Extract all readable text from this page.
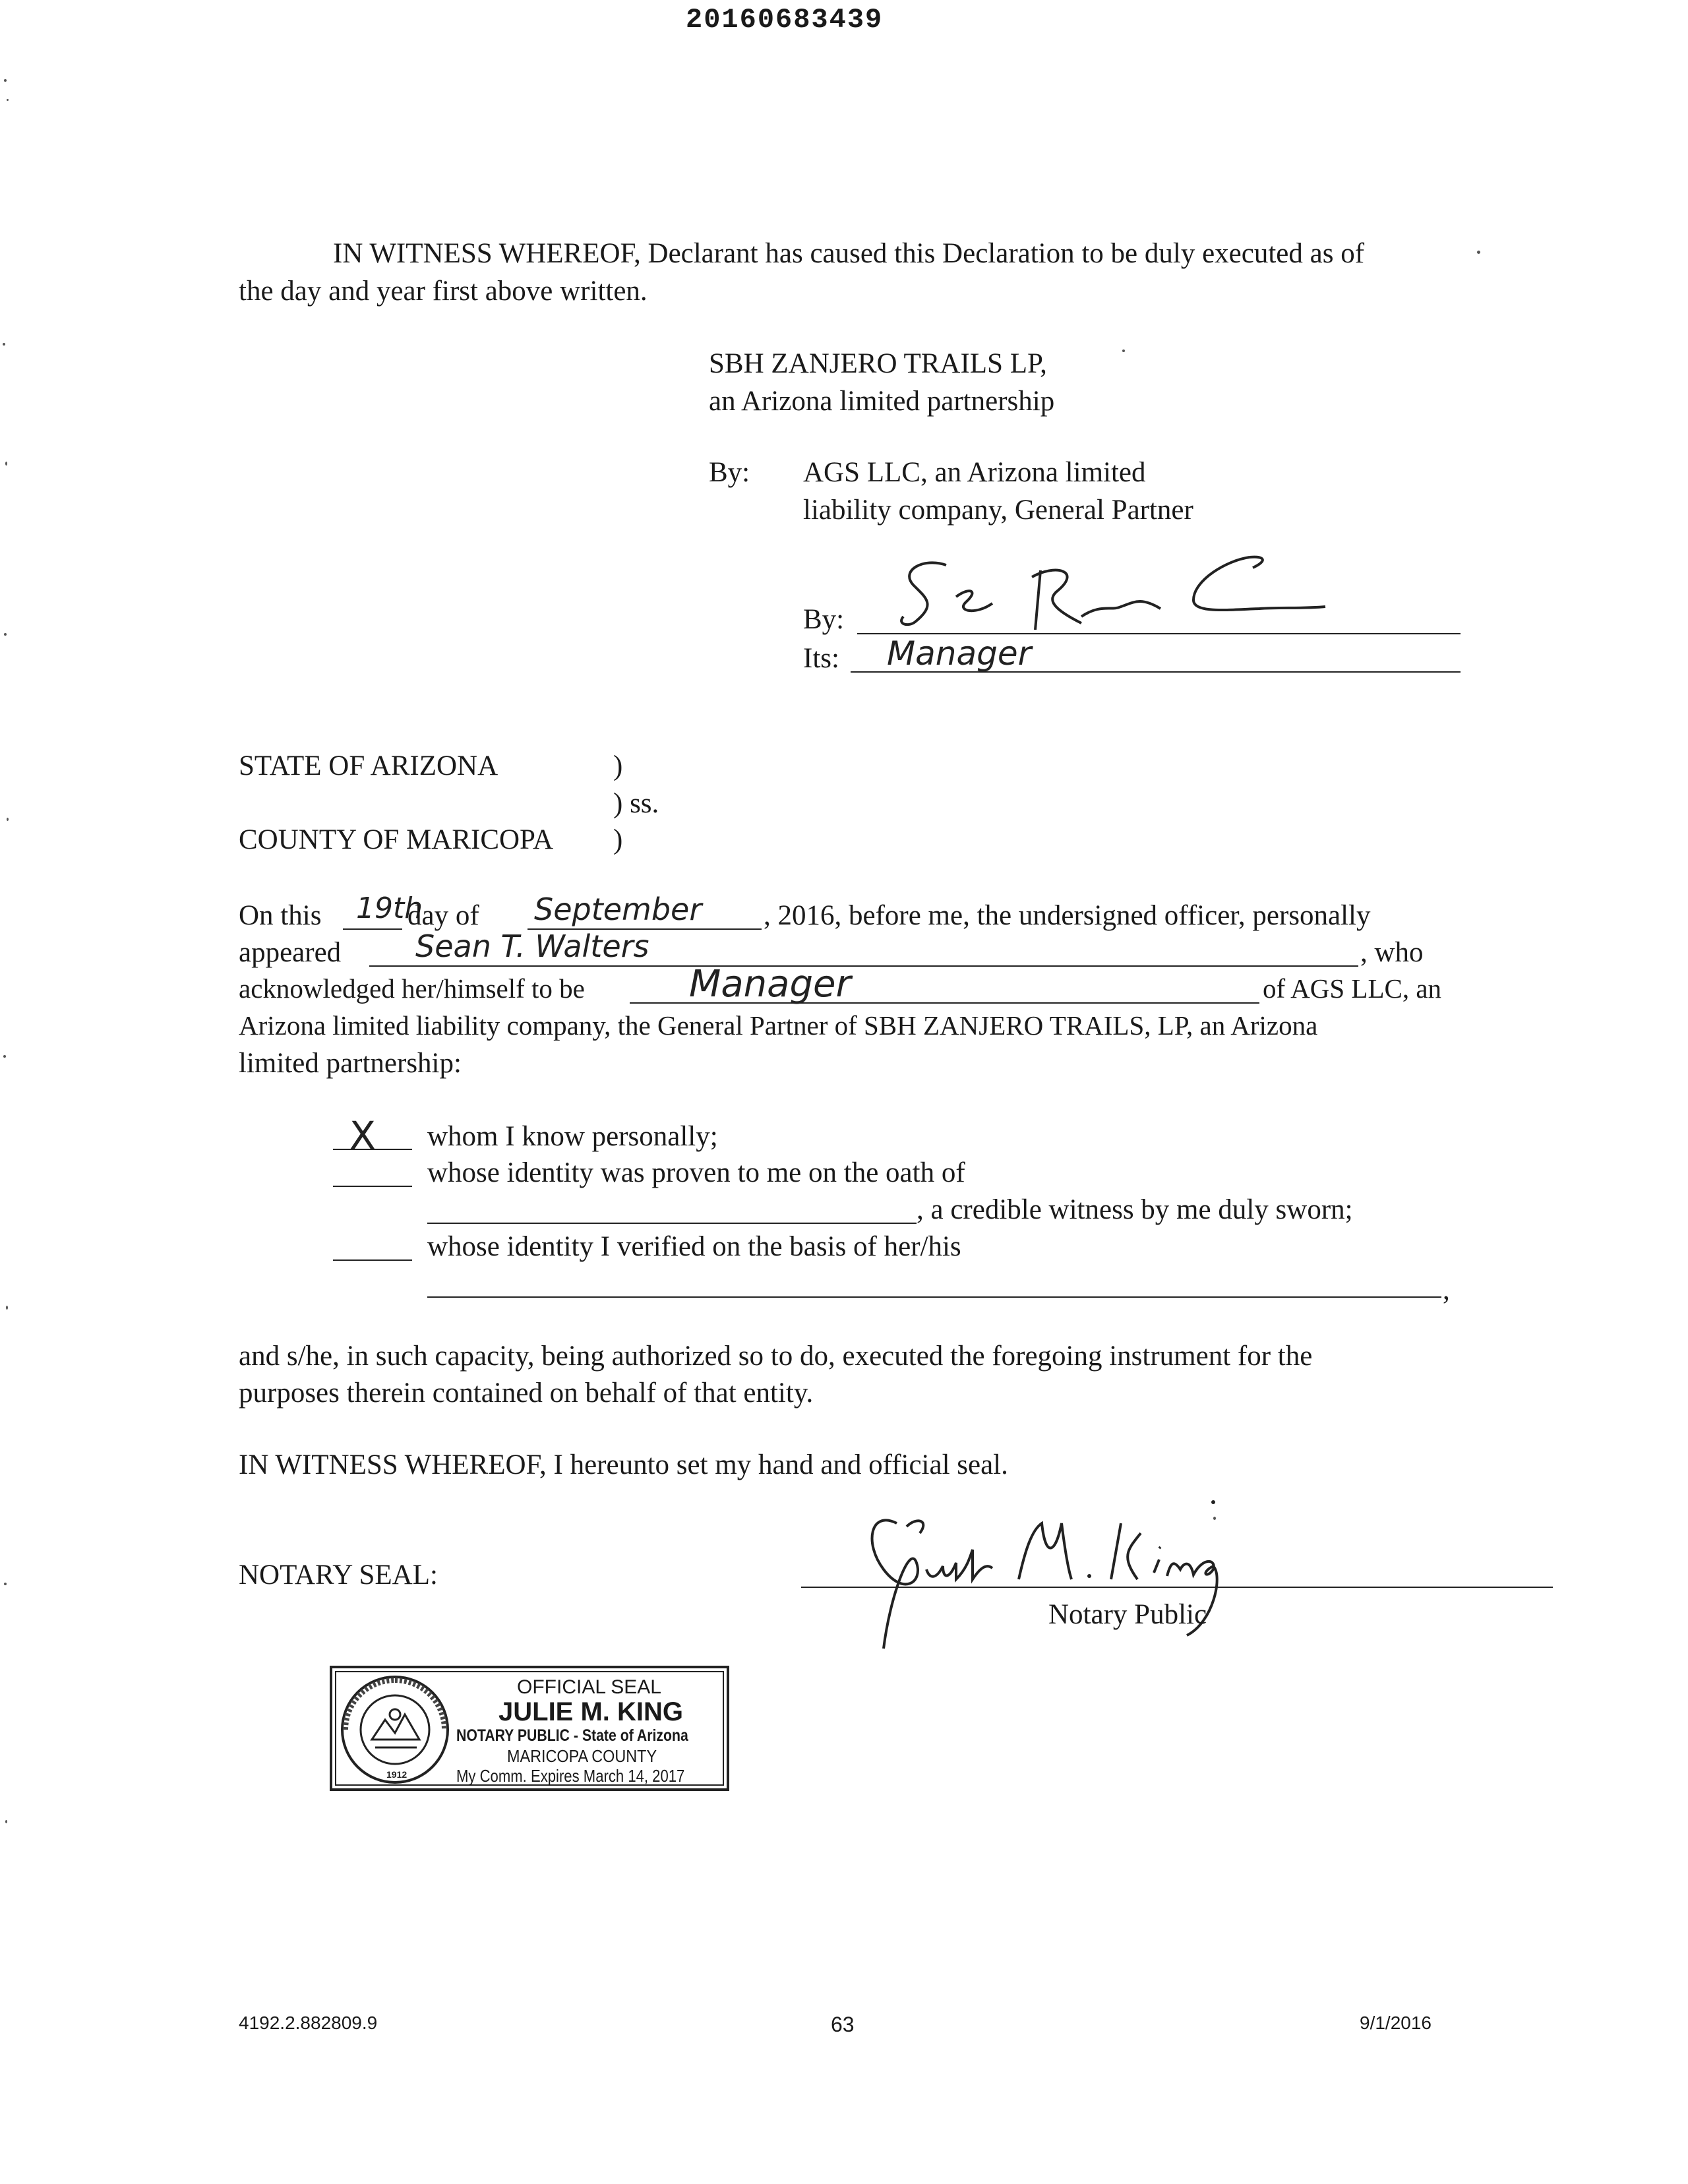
20160683439
IN WITNESS WHEREOF, Declarant has caused this Declaration to be duly executed as of
the day and year first above written.
SBH ZANJERO TRAILS LP,
an Arizona limited partnership
By: AGS LLC, an Arizona limited
liability company, General Partner
By:
Its: Manager
STATE OF ARIZONA	)
) ss.
COUNTY OF MARICOPA )
On this 19th
day of September , 2016, before me, the undersigned officer, personally
appeared Sean T. Walters	, who
acknowledged her/himself to be	Manager	of AGS LLC, an
Arizona limited liability company, the General Partner of SBH ZANJERO TRAILS, LP, an Arizona
limited partnership:
X whom I know personally;
whose identity was proven to me on the oath of
, a credible witness by me duly sworn;
whose identity I verified on the basis of her/his
,
and s/he, in such capacity, being authorized so to do, executed the foregoing instrument for the
purposes therein contained on behalf of that entity.
IN WITNESS WHEREOF, I hereunto set my hand and official seal.
NOTARY SEAL:
Notary Public
1912
OFFICIAL SEAL
JULIE M. KING
NOTARY PUBLIC - State of Arizona
MARICOPA COUNTY
My Comm. Expires March 14, 2017
4192.2.882809.9	63	9/1/2016
